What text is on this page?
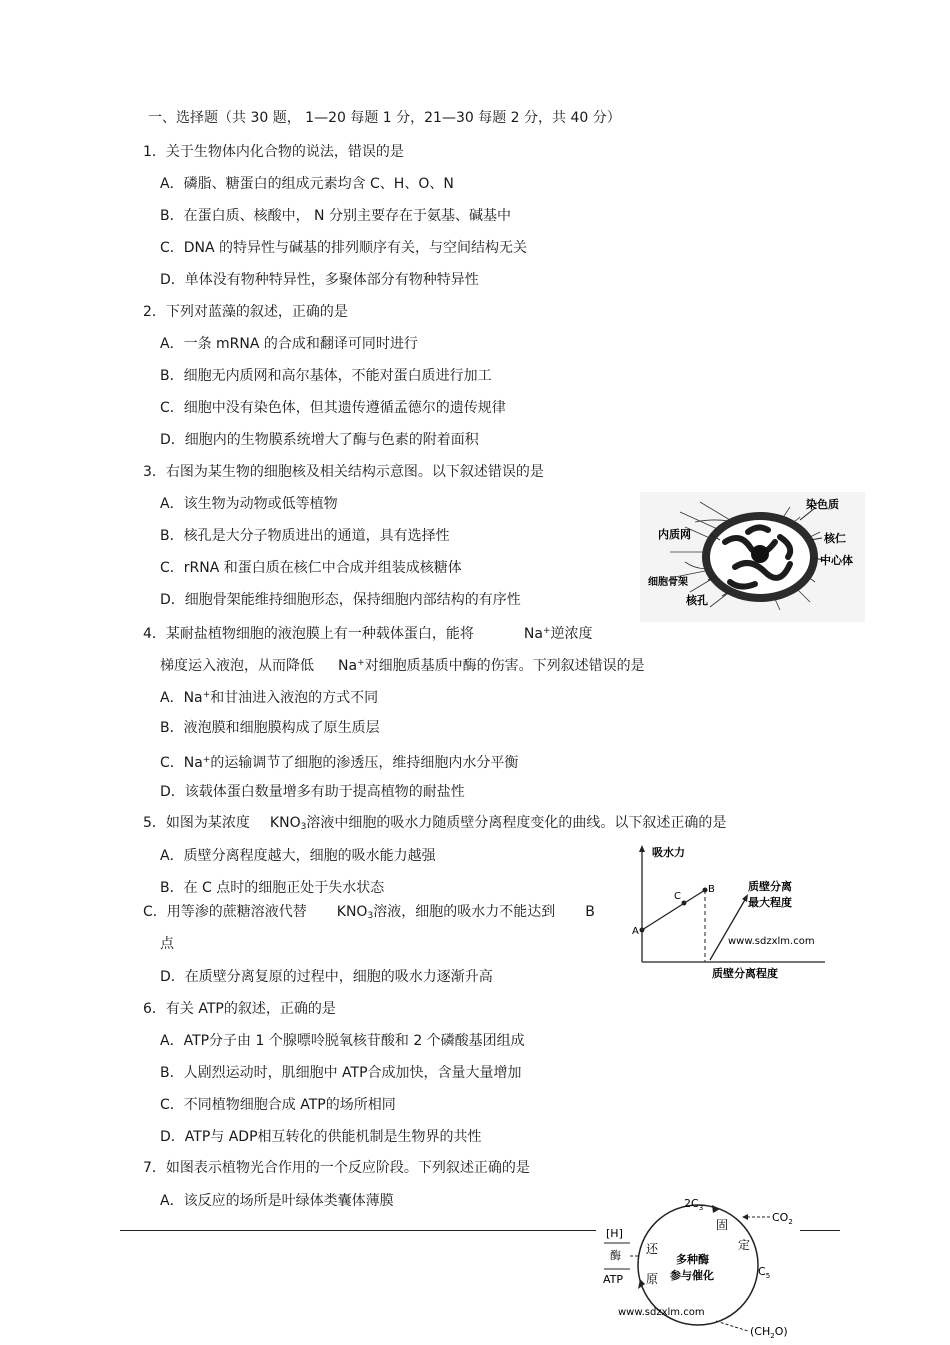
一、选择题（共 30 题， 1—20 每题 1 分，21—30 每题 2 分，共 40 分）
1．关于生物体内化合物的说法，错误的是
A．磷脂、糖蛋白的组成元素均含 C、H、O、N
B．在蛋白质、核酸中， N 分别主要存在于氨基、碱基中
C．DNA 的特异性与碱基的排列顺序有关，与空间结构无关
D．单体没有物种特异性，多聚体部分有物种特异性
2．下列对蓝藻的叙述，正确的是
A．一条 mRNA 的合成和翻译可同时进行
B．细胞无内质网和高尔基体，不能对蛋白质进行加工
C．细胞中没有染色体，但其遗传遵循孟德尔的遗传规律
D．细胞内的生物膜系统增大了酶与色素的附着面积
3．右图为某生物的细胞核及相关结构示意图。以下叙述错误的是
A．该生物为动物或低等植物
B．核孔是大分子物质进出的通道，具有选择性
C．rRNA 和蛋白质在核仁中合成并组装成核糖体
D．细胞骨架能维持细胞形态，保持细胞内部结构的有序性
染色质
内质网	核仁
中心体
细胞骨架
核孔
4．某耐盐植物细胞的液泡膜上有一种载体蛋白，能将	Na+逆浓度
梯度运入液泡，从而降低 Na+对细胞质基质中酶的伤害。下列叙述错误的是
A．Na+和甘油进入液泡的方式不同
B．液泡膜和细胞膜构成了原生质层
C．Na+的运输调节了细胞的渗透压，维持细胞内水分平衡
D．该载体蛋白数量增多有助于提高植物的耐盐性
5．如图为某浓度 $KNO_3$溶液中细胞的吸水力随质壁分离程度变化的曲线。以下叙述正确的是
A．质壁分离程度越大，细胞的吸水能力越强
B．在 C 点时的细胞正处于失水状态
C．用等渗的蔗糖溶液代替 $KNO_3$溶液，细胞的吸水力不能达到 B
点
D．在质壁分离复原的过程中，细胞的吸水力逐渐升高
吸水力
质壁分离程度
A
C
B	质壁分离
最大程度
www.sdzxlm.com
6．有关 ATP的叙述，正确的是
A．ATP分子由 1 个腺嘌呤脱氧核苷酸和 2 个磷酸基团组成
B．人剧烈运动时，肌细胞中 ATP合成加快，含量大量增加
C．不同植物细胞合成 ATP的场所相同
D．ATP与 ADP相互转化的供能机制是生物界的共性
7．如图表示植物光合作用的一个反应阶段。下列叙述正确的是
A．该反应的场所是叶绿体类囊体薄膜	$2C_3$
$CO_2$
固
定
$C_5$
[H]
酶
ATP
还
原
多种酶
参与催化
www.sdzxlm.com
$(CH_2O)$
